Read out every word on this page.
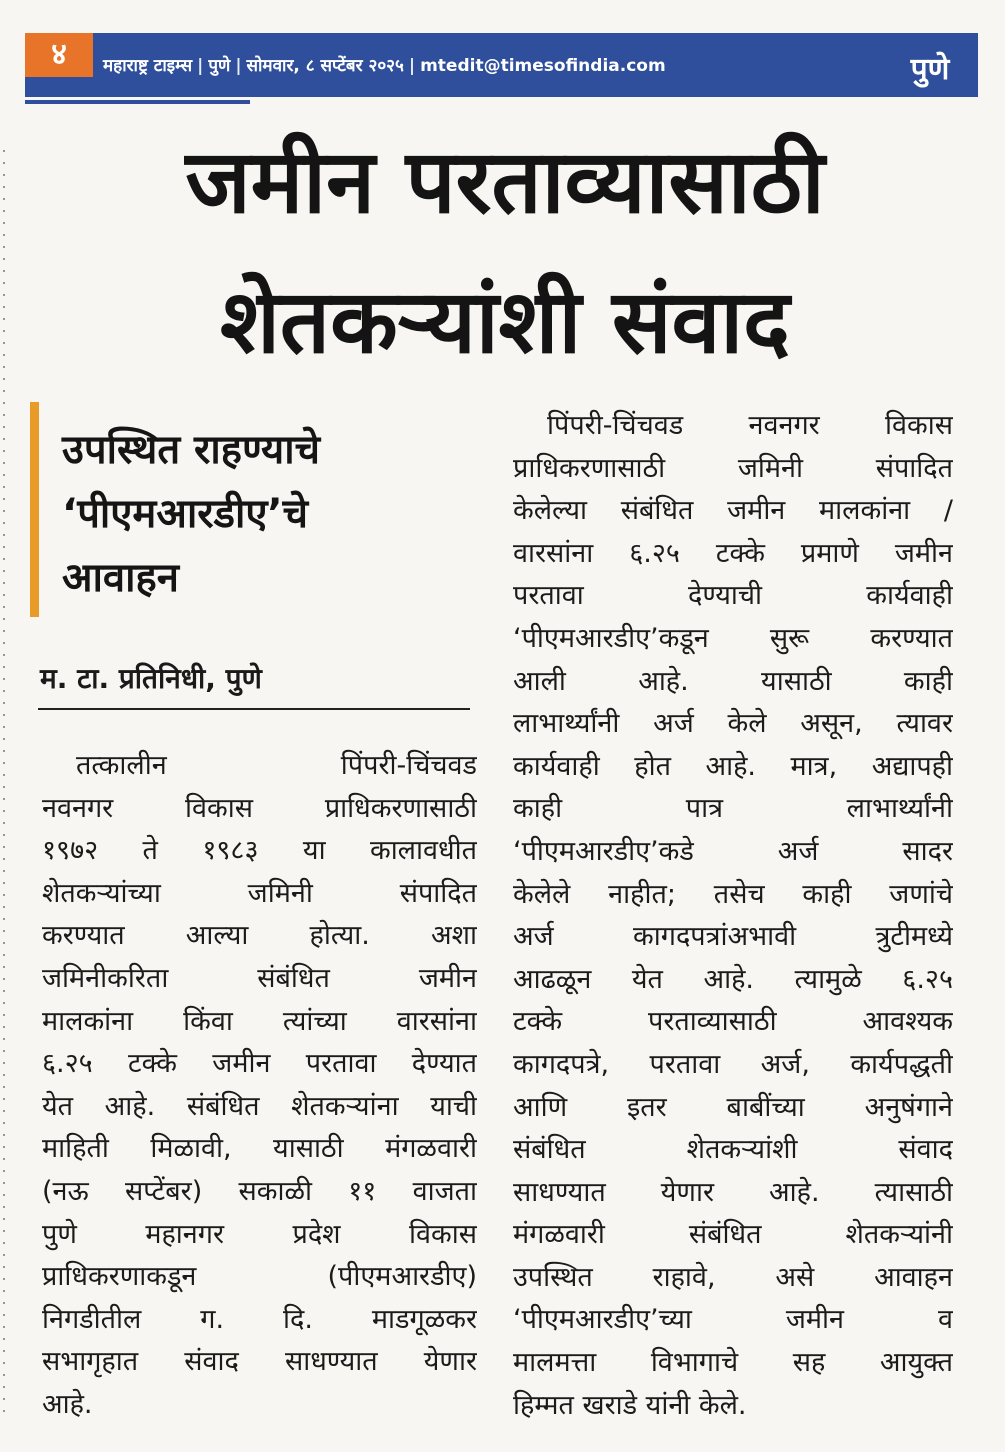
४	महाराष्ट्र टाइम्स | पुणे | सोमवार, ८ सप्टेंबर २०२५ | mtedit@timesofindia.com	पुणे
जमीन परताव्यासाठी
शेतकऱ्यांशी संवाद
उपस्थित राहण्याचे
‘पीएमआरडीए’चे
आवाहन
म. टा. प्रतिनिधी, पुणे
तत्कालीन पिंपरी-चिंचवड
नवनगर विकास प्राधिकरणासाठी
१९७२ ते १९८३ या कालावधीत
शेतकऱ्यांच्या जमिनी संपादित
करण्यात आल्या होत्या. अशा
जमिनीकरिता संबंधित जमीन
मालकांना किंवा त्यांच्या वारसांना
६.२५ टक्के जमीन परतावा देण्यात
येत आहे. संबंधित शेतकऱ्यांना याची
माहिती मिळावी, यासाठी मंगळवारी
(नऊ सप्टेंबर) सकाळी ११ वाजता
पुणे महानगर प्रदेश विकास
प्राधिकरणाकडून (पीएमआरडीए)
निगडीतील ग. दि. माडगूळकर
सभागृहात संवाद साधण्यात येणार
आहे.
पिंपरी-चिंचवड नवनगर विकास
प्राधिकरणासाठी जमिनी संपादित
केलेल्या संबंधित जमीन मालकांना /
वारसांना ६.२५ टक्के प्रमाणे जमीन
परतावा देण्याची कार्यवाही
‘पीएमआरडीए’कडून सुरू करण्यात
आली आहे. यासाठी काही
लाभार्थ्यांनी अर्ज केले असून, त्यावर
कार्यवाही होत आहे. मात्र, अद्यापही
काही पात्र लाभार्थ्यांनी
‘पीएमआरडीए’कडे अर्ज सादर
केलेले नाहीत; तसेच काही जणांचे
अर्ज कागदपत्रांअभावी त्रुटीमध्ये
आढळून येत आहे. त्यामुळे ६.२५
टक्के परताव्यासाठी आवश्यक
कागदपत्रे, परतावा अर्ज, कार्यपद्धती
आणि इतर बाबींच्या अनुषंगाने
संबंधित शेतकऱ्यांशी संवाद
साधण्यात येणार आहे. त्यासाठी
मंगळवारी संबंधित शेतकऱ्यांनी
उपस्थित राहावे, असे आवाहन
‘पीएमआरडीए’च्या जमीन व
मालमत्ता विभागाचे सह आयुक्त
हिम्मत खराडे यांनी केले.
